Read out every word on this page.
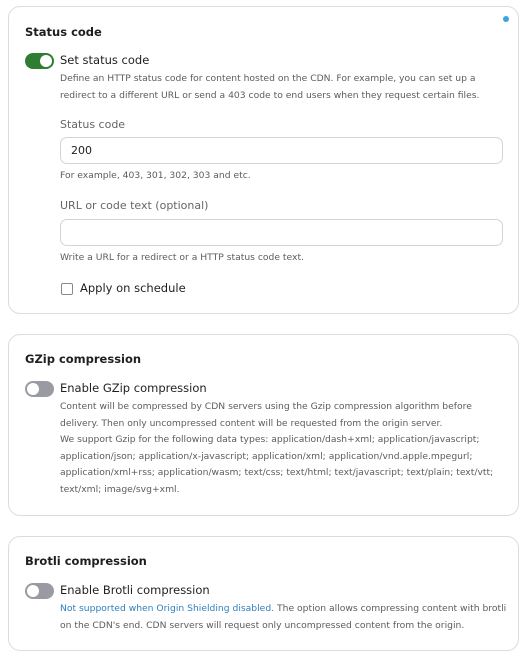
Status code
Set status code
Define an HTTP status code for content hosted on the CDN. For example, you can set up a redirect to a different URL or send a 403 code to end users when they request certain files.
Status code
200
For example, 403, 301, 302, 303 and etc.
URL or code text (optional)
Write a URL for a redirect or a HTTP status code text.
Apply on schedule
GZip compression
Enable GZip compression
Content will be compressed by CDN servers using the Gzip compression algorithm before delivery. Then only uncompressed content will be requested from the origin server.
We support Gzip for the following data types: application/dash+xml; application/javascript; application/json; application/x-javascript; application/xml; application/vnd.apple.mpegurl; application/xml+rss; application/wasm; text/css; text/html; text/javascript; text/plain; text/vtt; text/xml; image/svg+xml.
Brotli compression
Enable Brotli compression
Not supported when Origin Shielding disabled. The option allows compressing content with brotli on the CDN's end. CDN servers will request only uncompressed content from the origin.
